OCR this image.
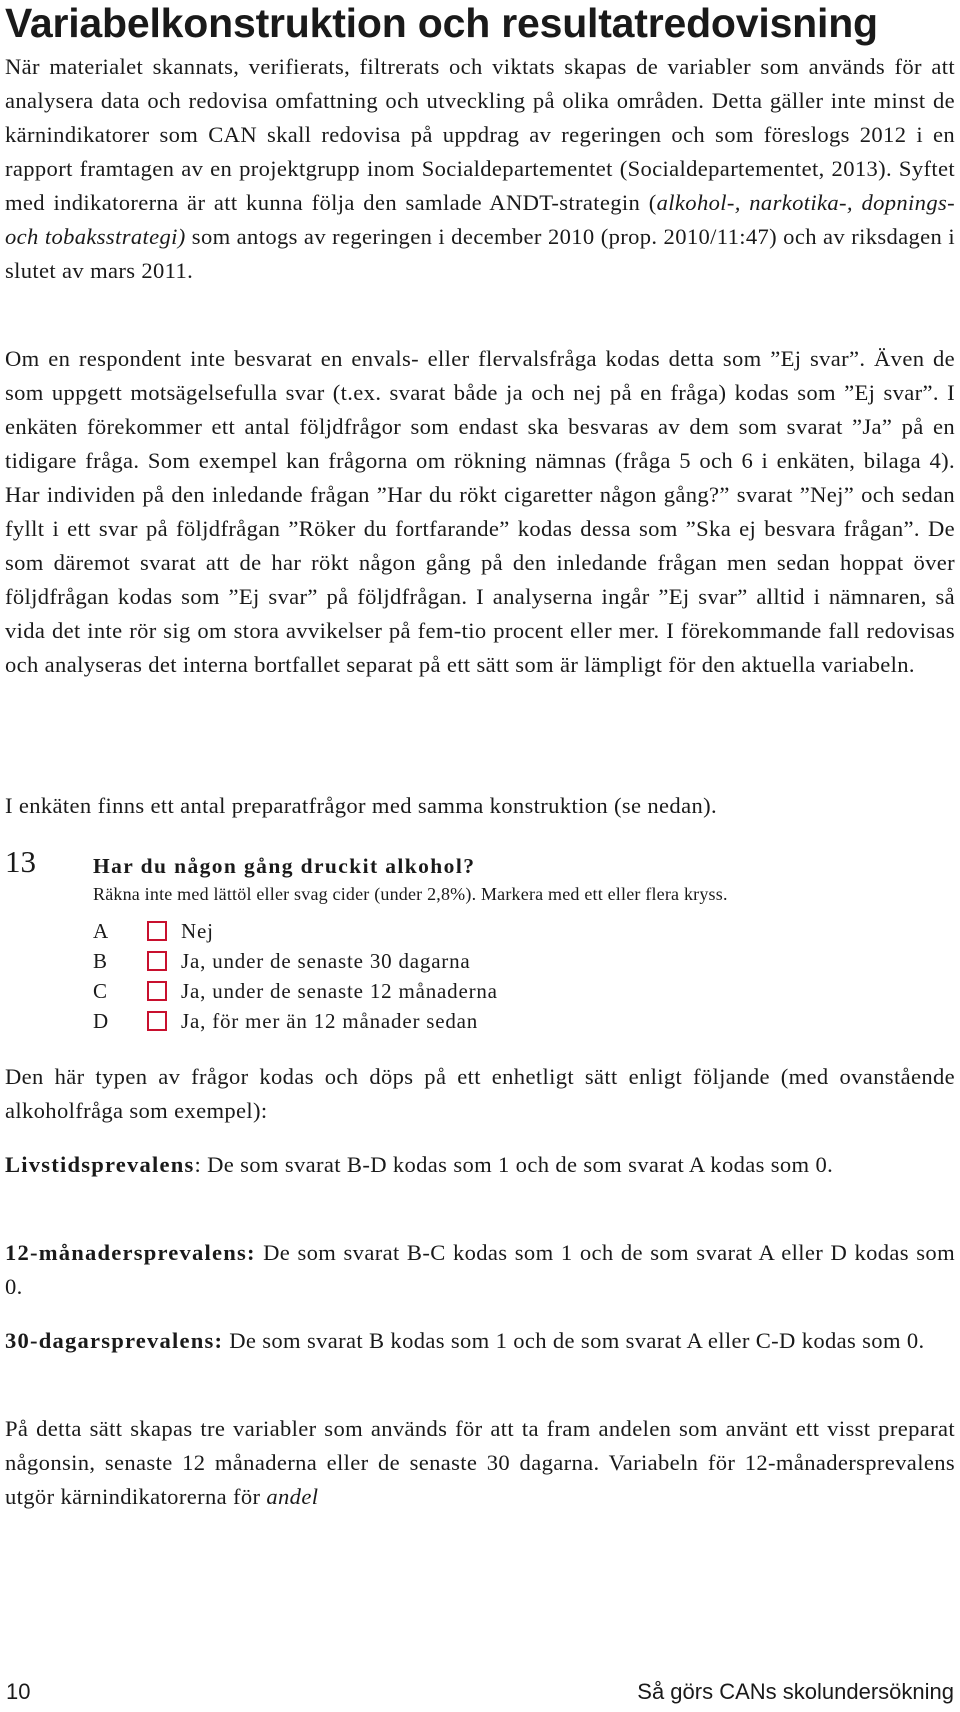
Variabelkonstruktion och resultatredovisning

När materialet skannats, verifierats, filtrerats och viktats skapas de variabler som används för att analysera data och redovisa omfattning och utveckling på olika områden. Detta gäller inte minst de kärnindikatorer som CAN skall redovisa på uppdrag av regeringen och som föreslogs 2012 i en rapport framtagen av en projektgrupp inom Socialdepartementet (Socialdepartementet, 2013). Syftet med indikatorerna är att kunna följa den samlade ANDT-strategin (alkohol-, narkotika-, dopnings- och tobaksstrategi) som antogs av regeringen i december 2010 (prop. 2010/11:47) och av riksdagen i slutet av mars 2011.

Om en respondent inte besvarat en envals- eller flervalsfråga kodas detta som ”Ej svar”. Även de som uppgett motsägelsefulla svar (t.ex. svarat både ja och nej på en fråga) kodas som ”Ej svar”. I enkäten förekommer ett antal följdfrågor som endast ska besvaras av dem som svarat ”Ja” på en tidigare fråga. Som exempel kan frågorna om rökning nämnas (fråga 5 och 6 i enkäten, bilaga 4). Har individen på den inledande frågan ”Har du rökt cigaretter någon gång?” svarat ”Nej” och sedan fyllt i ett svar på följdfrågan ”Röker du fortfarande” kodas dessa som ”Ska ej besvara frågan”. De som däremot svarat att de har rökt någon gång på den inledande frågan men sedan hoppat över följdfrågan kodas som ”Ej svar” på följdfrågan. I analyserna ingår ”Ej svar” alltid i nämnaren, så vida det inte rör sig om stora avvikelser på fem-tio procent eller mer. I förekommande fall redovisas och analyseras det interna bortfallet separat på ett sätt som är lämpligt för den aktuella variabeln.

I enkäten finns ett antal preparatfrågor med samma konstruktion (se nedan).

13	Har du någon gång druckit alkohol?

Räkna inte med lättöl eller svag cider (under 2,8%). Markera med ett eller flera kryss.

A	Nej
B	Ja, under de senaste 30 dagarna
C	Ja, under de senaste 12 månaderna
D	Ja, för mer än 12 månader sedan

Den här typen av frågor kodas och döps på ett enhetligt sätt enligt följande (med ovanstående alkoholfråga som exempel):

Livstidsprevalens: De som svarat B-D kodas som 1 och de som svarat A kodas som 0.

12-månadersprevalens: De som svarat B-C kodas som 1 och de som svarat A eller D kodas som 0.

30-dagarsprevalens: De som svarat B kodas som 1 och de som svarat A eller C-D kodas som 0.

På detta sätt skapas tre variabler som används för att ta fram andelen som använt ett visst preparat någonsin, senaste 12 månaderna eller de senaste 30 dagarna. Variabeln för 12-månadersprevalens utgör kärnindikatorerna för andel

10	Så görs CANs skolundersökning
